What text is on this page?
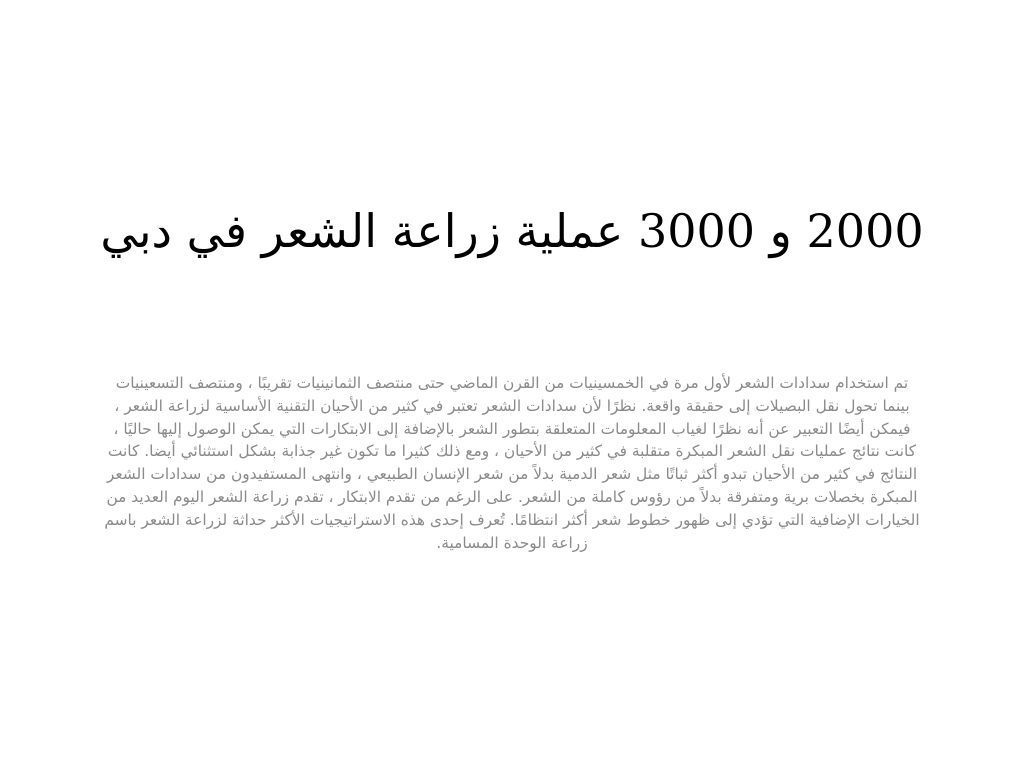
2000 و 3000 عملية زراعة الشعر في دبي

تم استخدام سدادات الشعر لأول مرة في الخمسينيات من القرن الماضي حتى منتصف الثمانينيات تقريبًا ، ومنتصف التسعينيات بينما تحول نقل البصيلات إلى حقيقة واقعة. نظرًا لأن سدادات الشعر تعتبر في كثير من الأحيان التقنية الأساسية لزراعة الشعر ، فيمكن أيضًا التعبير عن أنه نظرًا لغياب المعلومات المتعلقة بتطور الشعر بالإضافة إلى الابتكارات التي يمكن الوصول إليها حاليًا ، كانت نتائج عمليات نقل الشعر المبكرة متقلبة في كثير من الأحيان ، ومع ذلك كثيرا ما تكون غير جذابة بشكل استثنائي أيضا. كانت النتائج في كثير من الأحيان تبدو أكثر ثباتًا مثل شعر الدمية بدلاً من شعر الإنسان الطبيعي ، وانتهى المستفيدون من سدادات الشعر المبكرة بخصلات برية ومتفرقة بدلاً من رؤوس كاملة من الشعر. على الرغم من تقدم الابتكار ، تقدم زراعة الشعر اليوم العديد من الخيارات الإضافية التي تؤدي إلى ظهور خطوط شعر أكثر انتظامًا. تُعرف إحدى هذه الاستراتيجيات الأكثر حداثة لزراعة الشعر باسم زراعة الوحدة المسامية.
